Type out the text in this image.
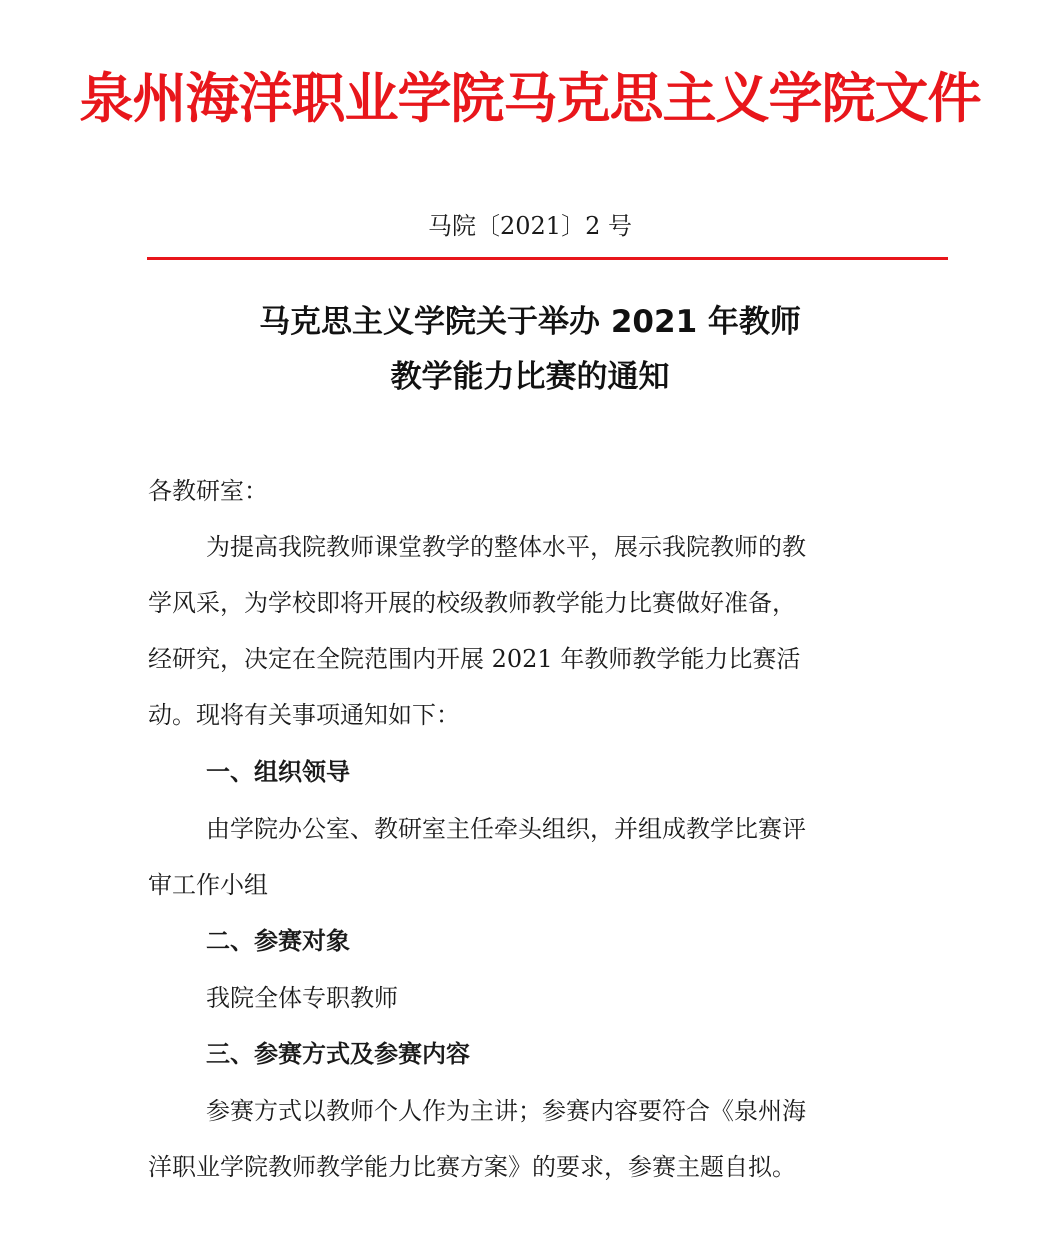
泉州海洋职业学院马克思主义学院文件
马院〔2021〕2 号
马克思主义学院关于举办 2021 年教师
教学能力比赛的通知
各教研室：
为提高我院教师课堂教学的整体水平，展示我院教师的教
学风采，为学校即将开展的校级教师教学能力比赛做好准备，
经研究，决定在全院范围内开展 2021 年教师教学能力比赛活
动。现将有关事项通知如下：
一、组织领导
由学院办公室、教研室主任牵头组织，并组成教学比赛评
审工作小组
二、参赛对象
我院全体专职教师
三、参赛方式及参赛内容
参赛方式以教师个人作为主讲；参赛内容要符合《泉州海
洋职业学院教师教学能力比赛方案》的要求，参赛主题自拟。
